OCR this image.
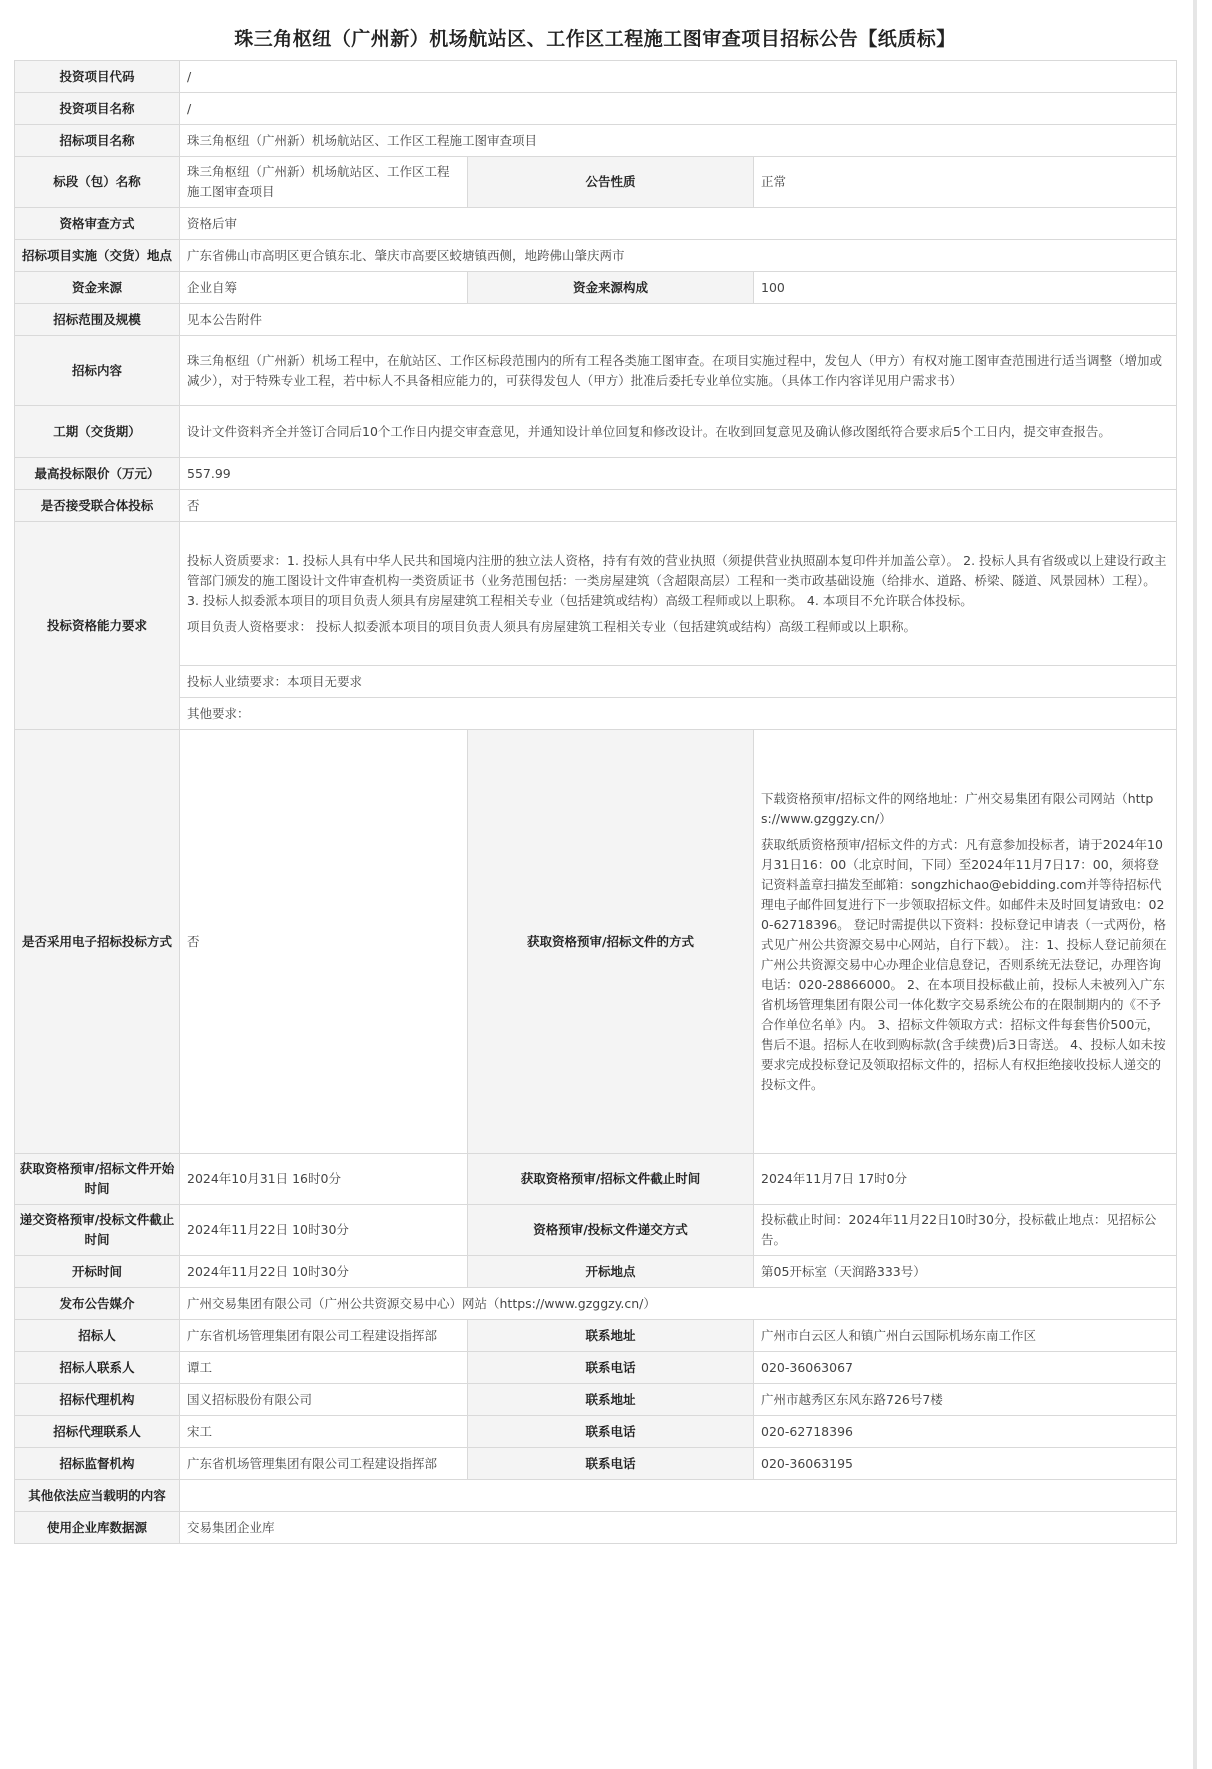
珠三角枢纽（广州新）机场航站区、工作区工程施工图审查项目招标公告【纸质标】
投资项目代码	/		
投资项目名称	/		
招标项目名称	珠三角枢纽（广州新）机场航站区、工作区工程施工图审查项目		
标段（包）名称	珠三角枢纽（广州新）机场航站区、工作区工程施工图审查项目	公告性质	正常
资格审查方式	资格后审		
招标项目实施（交货）地点	广东省佛山市高明区更合镇东北、肇庆市高要区蛟塘镇西侧，地跨佛山肇庆两市		
资金来源	企业自筹	资金来源构成	100
招标范围及规模	见本公告附件		
招标内容	珠三角枢纽（广州新）机场工程中，在航站区、工作区标段范围内的所有工程各类施工图审查。在项目实施过程中，发包人（甲方）有权对施工图审查范围进行适当调整（增加或减少），对于特殊专业工程，若中标人不具备相应能力的，可获得发包人（甲方）批准后委托专业单位实施。（具体工作内容详见用户需求书）		
工期（交货期）	设计文件资料齐全并签订合同后10个工作日内提交审查意见，并通知设计单位回复和修改设计。在收到回复意见及确认修改图纸符合要求后5个工日内，提交审查报告。		
最高投标限价（万元）	557.99		
是否接受联合体投标	否		
投标资格能力要求	投标人资质要求：1. 投标人具有中华人民共和国境内注册的独立法人资格，持有有效的营业执照（须提供营业执照副本复印件并加盖公章）。 2. 投标人具有省级或以上建设行政主管部门颁发的施工图设计文件审查机构一类资质证书（业务范围包括：一类房屋建筑（含超限高层）工程和一类市政基础设施（给排水、道路、桥梁、隧道、风景园林）工程）。 3. 投标人拟委派本项目的项目负责人须具有房屋建筑工程相关专业（包括建筑或结构）高级工程师或以上职称。 4. 本项目不允许联合体投标。

项目负责人资格要求： 投标人拟委派本项目的项目负责人须具有房屋建筑工程相关专业（包括建筑或结构）高级工程师或以上职称。		

	投标人业绩要求：本项目无要求		
	其他要求：		
是否采用电子招标投标方式	否	获取资格预审/招标文件的方式	下载资格预审/招标文件的网络地址：广州交易集团有限公司网站（https://www.gzggzy.cn/）

获取纸质资格预审/招标文件的方式：凡有意参加投标者，请于2024年10月31日16：00（北京时间，下同）至2024年11月7日17：00，须将登记资料盖章扫描发至邮箱：songzhichao@ebidding.com并等待招标代理电子邮件回复进行下一步领取招标文件。如邮件未及时回复请致电：020-62718396。 登记时需提供以下资料：投标登记申请表（一式两份，格式见广州公共资源交易中心网站，自行下载）。 注：1、投标人登记前须在广州公共资源交易中心办理企业信息登记，否则系统无法登记，办理咨询电话：020-28866000。 2、在本项目投标截止前，投标人未被列入广东省机场管理集团有限公司一体化数字交易系统公布的在限制期内的《不予合作单位名单》内。 3、招标文件领取方式：招标文件每套售价500元，售后不退。招标人在收到购标款(含手续费)后3日寄送。 4、投标人如未按要求完成投标登记及领取招标文件的，招标人有权拒绝接收投标人递交的投标文件。

获取资格预审/招标文件开始时间	2024年10月31日 16时0分	获取资格预审/招标文件截止时间	2024年11月7日 17时0分
递交资格预审/投标文件截止时间	2024年11月22日 10时30分	资格预审/投标文件递交方式	投标截止时间：2024年11月22日10时30分，投标截止地点：见招标公告。
开标时间	2024年11月22日 10时30分	开标地点	第05开标室（天润路333号）
发布公告媒介	广州交易集团有限公司（广州公共资源交易中心）网站（https://www.gzggzy.cn/）		
招标人	广东省机场管理集团有限公司工程建设指挥部	联系地址	广州市白云区人和镇广州白云国际机场东南工作区
招标人联系人	谭工	联系电话	020-36063067
招标代理机构	国义招标股份有限公司	联系地址	广州市越秀区东风东路726号7楼
招标代理联系人	宋工	联系电话	020-62718396
招标监督机构	广东省机场管理集团有限公司工程建设指挥部	联系电话	020-36063195
其他依法应当载明的内容			
使用企业库数据源	交易集团企业库		
